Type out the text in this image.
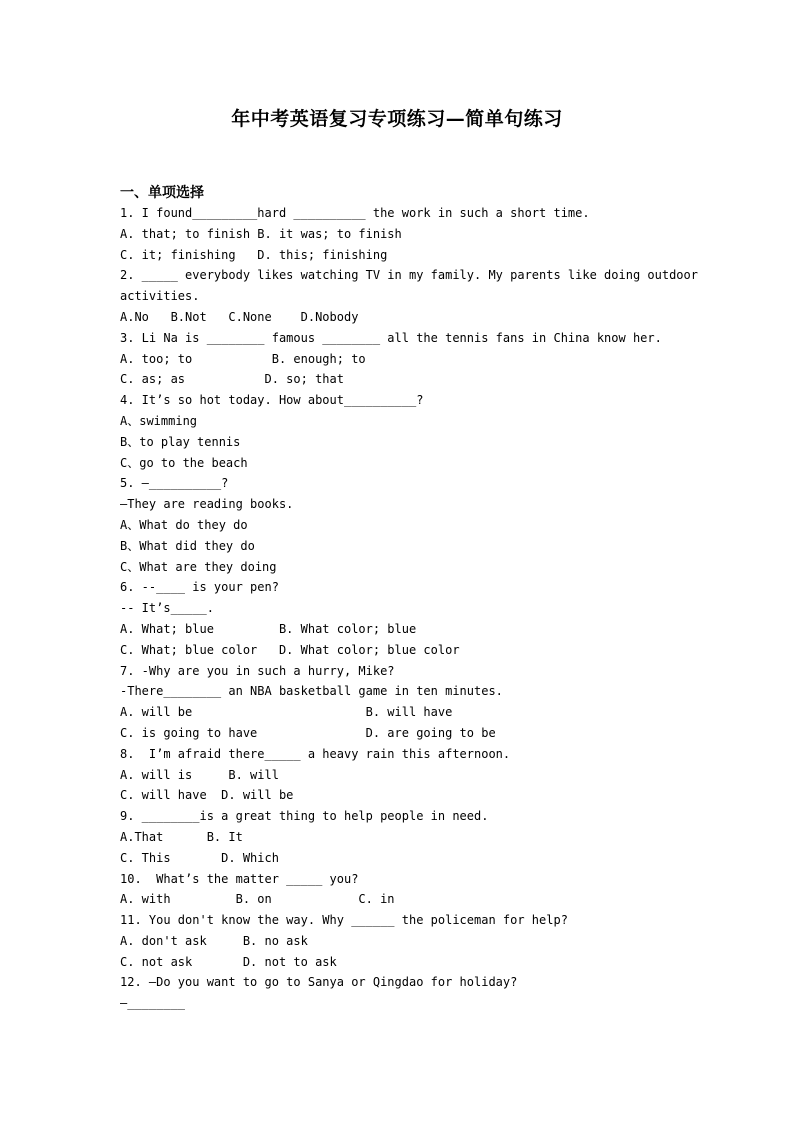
年中考英语复习专项练习—简单句练习
一、单项选择
1. I found_________hard __________ the work in such a short time.
A. that; to finish B. it was; to finish
C. it; finishing   D. this; finishing
2. _____ everybody likes watching TV in my family. My parents like doing outdoor
activities.
A.No   B.Not   C.None    D.Nobody
3. Li Na is ________ famous ________ all the tennis fans in China know her.
A. too; to           B. enough; to
C. as; as           D. so; that
4. It’s so hot today. How about__________?
A、swimming
B、to play tennis
C、go to the beach
5. —__________?
—They are reading books.
A、What do they do
B、What did they do
C、What are they doing
6. --____ is your pen?
-- It’s_____.
A. What; blue         B. What color; blue
C. What; blue color   D. What color; blue color
7. -Why are you in such a hurry, Mike?
-There________ an NBA basketball game in ten minutes.
A. will be                        B. will have
C. is going to have               D. are going to be
8.  I’m afraid there_____ a heavy rain this afternoon.
A. will is     B. will
C. will have  D. will be
9. ________is a great thing to help people in need.
A.That      B. It
C. This       D. Which
10.  What’s the matter _____ you?
A. with         B. on            C. in
11. You don't know the way. Why ______ the policeman for help?
A. don't ask     B. no ask
C. not ask       D. not to ask
12. —Do you want to go to Sanya or Qingdao for holiday?
—________
